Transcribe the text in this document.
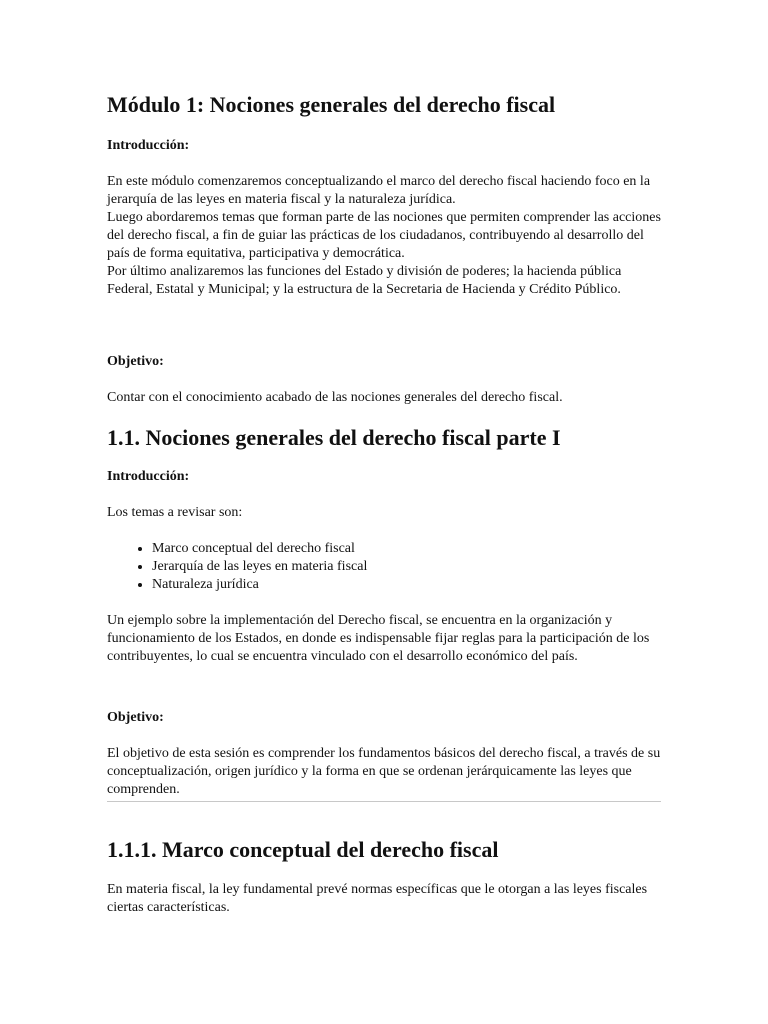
Módulo 1: Nociones generales del derecho fiscal
Introducción:

En este módulo comenzaremos conceptualizando el marco del derecho fiscal haciendo foco en la jerarquía de las leyes en materia fiscal y la naturaleza jurídica.

Luego abordaremos temas que forman parte de las nociones que permiten comprender las acciones del derecho fiscal, a fin de guiar las prácticas de los ciudadanos, contribuyendo al desarrollo del país de forma equitativa, participativa y democrática.

Por último analizaremos las funciones del Estado y división de poderes; la hacienda pública Federal, Estatal y Municipal; y la estructura de la Secretaria de Hacienda y Crédito Público.

Objetivo:

Contar con el conocimiento acabado de las nociones generales del derecho fiscal.

1.1. Nociones generales del derecho fiscal parte I
Introducción:

Los temas a revisar son:

• Marco conceptual del derecho fiscal
• Jerarquía de las leyes en materia fiscal
• Naturaleza jurídica

Un ejemplo sobre la implementación del Derecho fiscal, se encuentra en la organización y funcionamiento de los Estados, en donde es indispensable fijar reglas para la participación de los contribuyentes, lo cual se encuentra vinculado con el desarrollo económico del país.

Objetivo:

El objetivo de esta sesión es comprender los fundamentos básicos del derecho fiscal, a través de su conceptualización, origen jurídico y la forma en que se ordenan jerárquicamente las leyes que comprenden.

1.1.1. Marco conceptual del derecho fiscal

En materia fiscal, la ley fundamental prevé normas específicas que le otorgan a las leyes fiscales ciertas características.
